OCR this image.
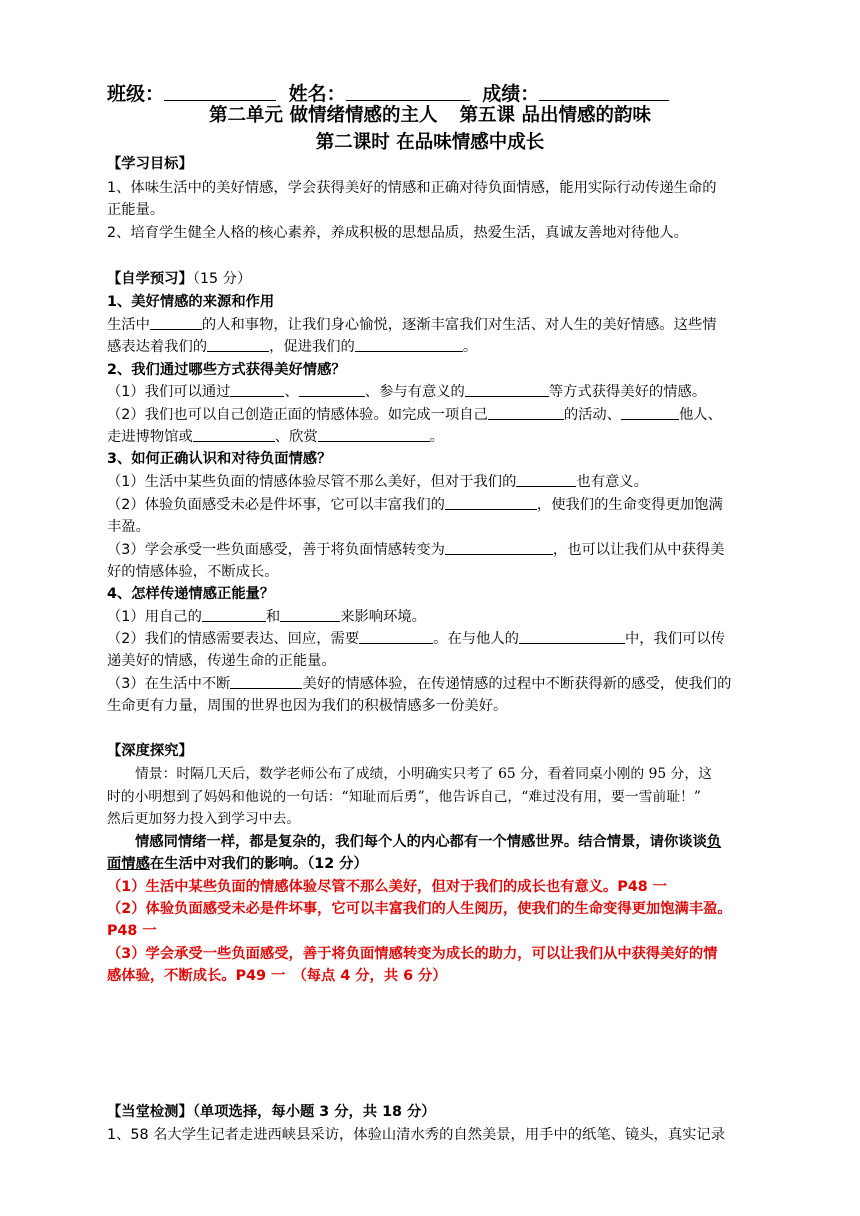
班级：	姓名：	成绩：
第二单元 做情绪情感的主人 第五课 品出情感的韵味
第二课时 在品味情感中成长
【学习目标】
1、体味生活中的美好情感，学会获得美好的情感和正确对待负面情感，能用实际行动传递生命的
正能量。
2、培育学生健全人格的核心素养，养成积极的思想品质，热爱生活，真诚友善地对待他人。
【自学预习】（15 分）
1、美好情感的来源和作用
生活中	的人和事物，让我们身心愉悦，逐渐丰富我们对生活、对人生的美好情感。这些情
感表达着我们的	，促进我们的	。
2、我们通过哪些方式获得美好情感？
（1）我们可以通过	、	、参与有意义的	等方式获得美好的情感。
（2）我们也可以自己创造正面的情感体验。如完成一项自己	的活动、	他人、
走进博物馆或	、欣赏	。
3、如何正确认识和对待负面情感？
（1）生活中某些负面的情感体验尽管不那么美好，但对于我们的	也有意义。
（2）体验负面感受未必是件坏事，它可以丰富我们的	，使我们的生命变得更加饱满
丰盈。
（3）学会承受一些负面感受，善于将负面情感转变为	，也可以让我们从中获得美
好的情感体验，不断成长。
4、怎样传递情感正能量？
（1）用自己的	和	来影响环境。
（2）我们的情感需要表达、回应，需要	。在与他人的	中，我们可以传
递美好的情感，传递生命的正能量。
（3）在生活中不断	美好的情感体验，在传递情感的过程中不断获得新的感受，使我们的
生命更有力量，周围的世界也因为我们的积极情感多一份美好。
【深度探究】
情景：时隔几天后，数学老师公布了成绩，小明确实只考了 65 分，看着同桌小刚的 95 分，这
时的小明想到了妈妈和他说的一句话：“知耻而后勇”，他告诉自己，“难过没有用，要一雪前耻！”
然后更加努力投入到学习中去。
情感同情绪一样，都是复杂的，我们每个人的内心都有一个情感世界。结合情景，请你谈谈负
面情感在生活中对我们的影响。（12 分）
（1）生活中某些负面的情感体验尽管不那么美好，但对于我们的成长也有意义。P48 一
（2）体验负面感受未必是件坏事，它可以丰富我们的人生阅历，使我们的生命变得更加饱满丰盈。
P48 一
（3）学会承受一些负面感受，善于将负面情感转变为成长的助力，可以让我们从中获得美好的情
感体验，不断成长。P49 一　（每点 4 分，共 6 分）
【当堂检测】（单项选择，每小题 3 分，共 18 分）
1、58 名大学生记者走进西峡县采访，体验山清水秀的自然美景，用手中的纸笔、镜头，真实记录
